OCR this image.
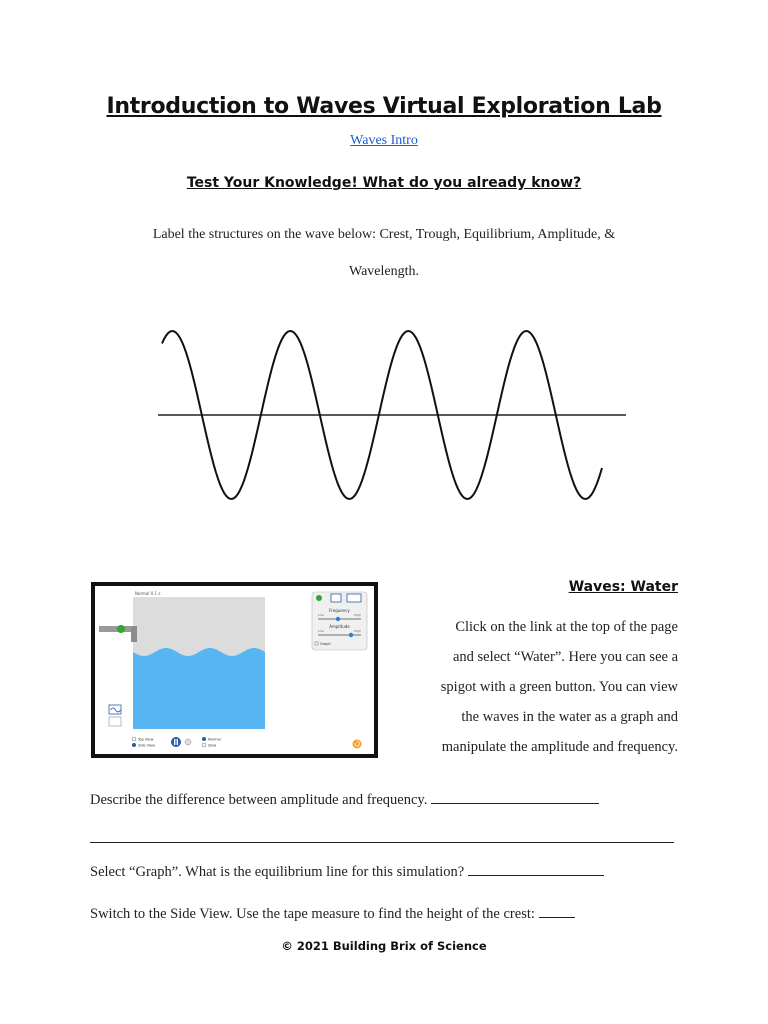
Introduction to Waves Virtual Exploration Lab
Waves Intro
Test Your Knowledge! What do you already know?
Label the structures on the wave below: Crest, Trough, Equilibrium, Amplitude, &
Wavelength.
Normal 0.1 s
Frequency
Low	High
Amplitude
Low	High
Graph
Top View
Side View
Normal
Slow
Waves: Water
Click on the link at the top of the page
and select “Water”. Here you can see a
spigot with a green button. You can view
the waves in the water as a graph and
manipulate the amplitude and frequency.
Describe the difference between amplitude and frequency.
Select “Graph”. What is the equilibrium line for this simulation?
Switch to the Side View. Use the tape measure to find the height of the crest:
© 2021 Building Brix of Science
